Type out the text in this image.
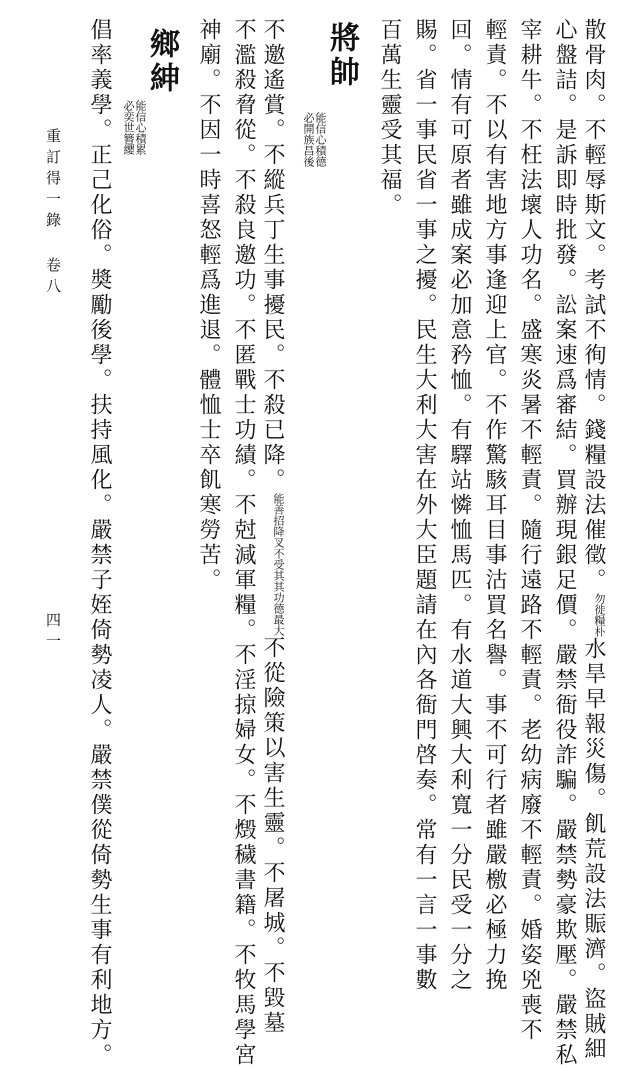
散骨肉。不輕辱斯文。考試不徇情。錢糧設法催徵。勿徙糧朴水旱早報災傷。飢荒設法賑濟。盜賊細
心盤詰。是訴即時批發。訟案速爲審結。買辦現銀足價。嚴禁衙役詐騙。嚴禁勢豪欺壓。嚴禁私
宰耕牛。不枉法壞人功名。盛寒炎暑不輕責。隨行遠路不輕責。老幼病廢不輕責。婚姿兇喪不
輕責。不以有害地方事逢迎上官。不作驚駭耳目事沽買名譽。事不可行者雖嚴檄必極力挽
回。情有可原者雖成案必加意矜恤。有驛站憐恤馬匹。有水道大興大利寬一分民受一分之
賜。省一事民省一事之擾。民生大利大害在外大臣題請在內各衙門啓奏。常有一言一事數
百萬生靈受其福。
將帥
能信心積德
必開族昌後
不邀遙賞。不縱兵丁生事擾民。不殺已降。能善招降叉不受其其功德最大不從險策以害生靈。不屠城。不毀墓
不濫殺脅從。不殺良邀功。不匿戰士功績。不尅減軍糧。不淫掠婦女。不燬穢書籍。不牧馬學宮
神廟。不因一時喜怒輕爲進退。體恤士卒飢寒勞苦。
鄉紳
能信心積累
必奕世簪纓
倡率義學。正己化俗。奬勵後學。扶持風化。嚴禁子姪倚勢凌人。嚴禁僕從倚勢生事有利地方。
重訂得一錄 卷八
四一
